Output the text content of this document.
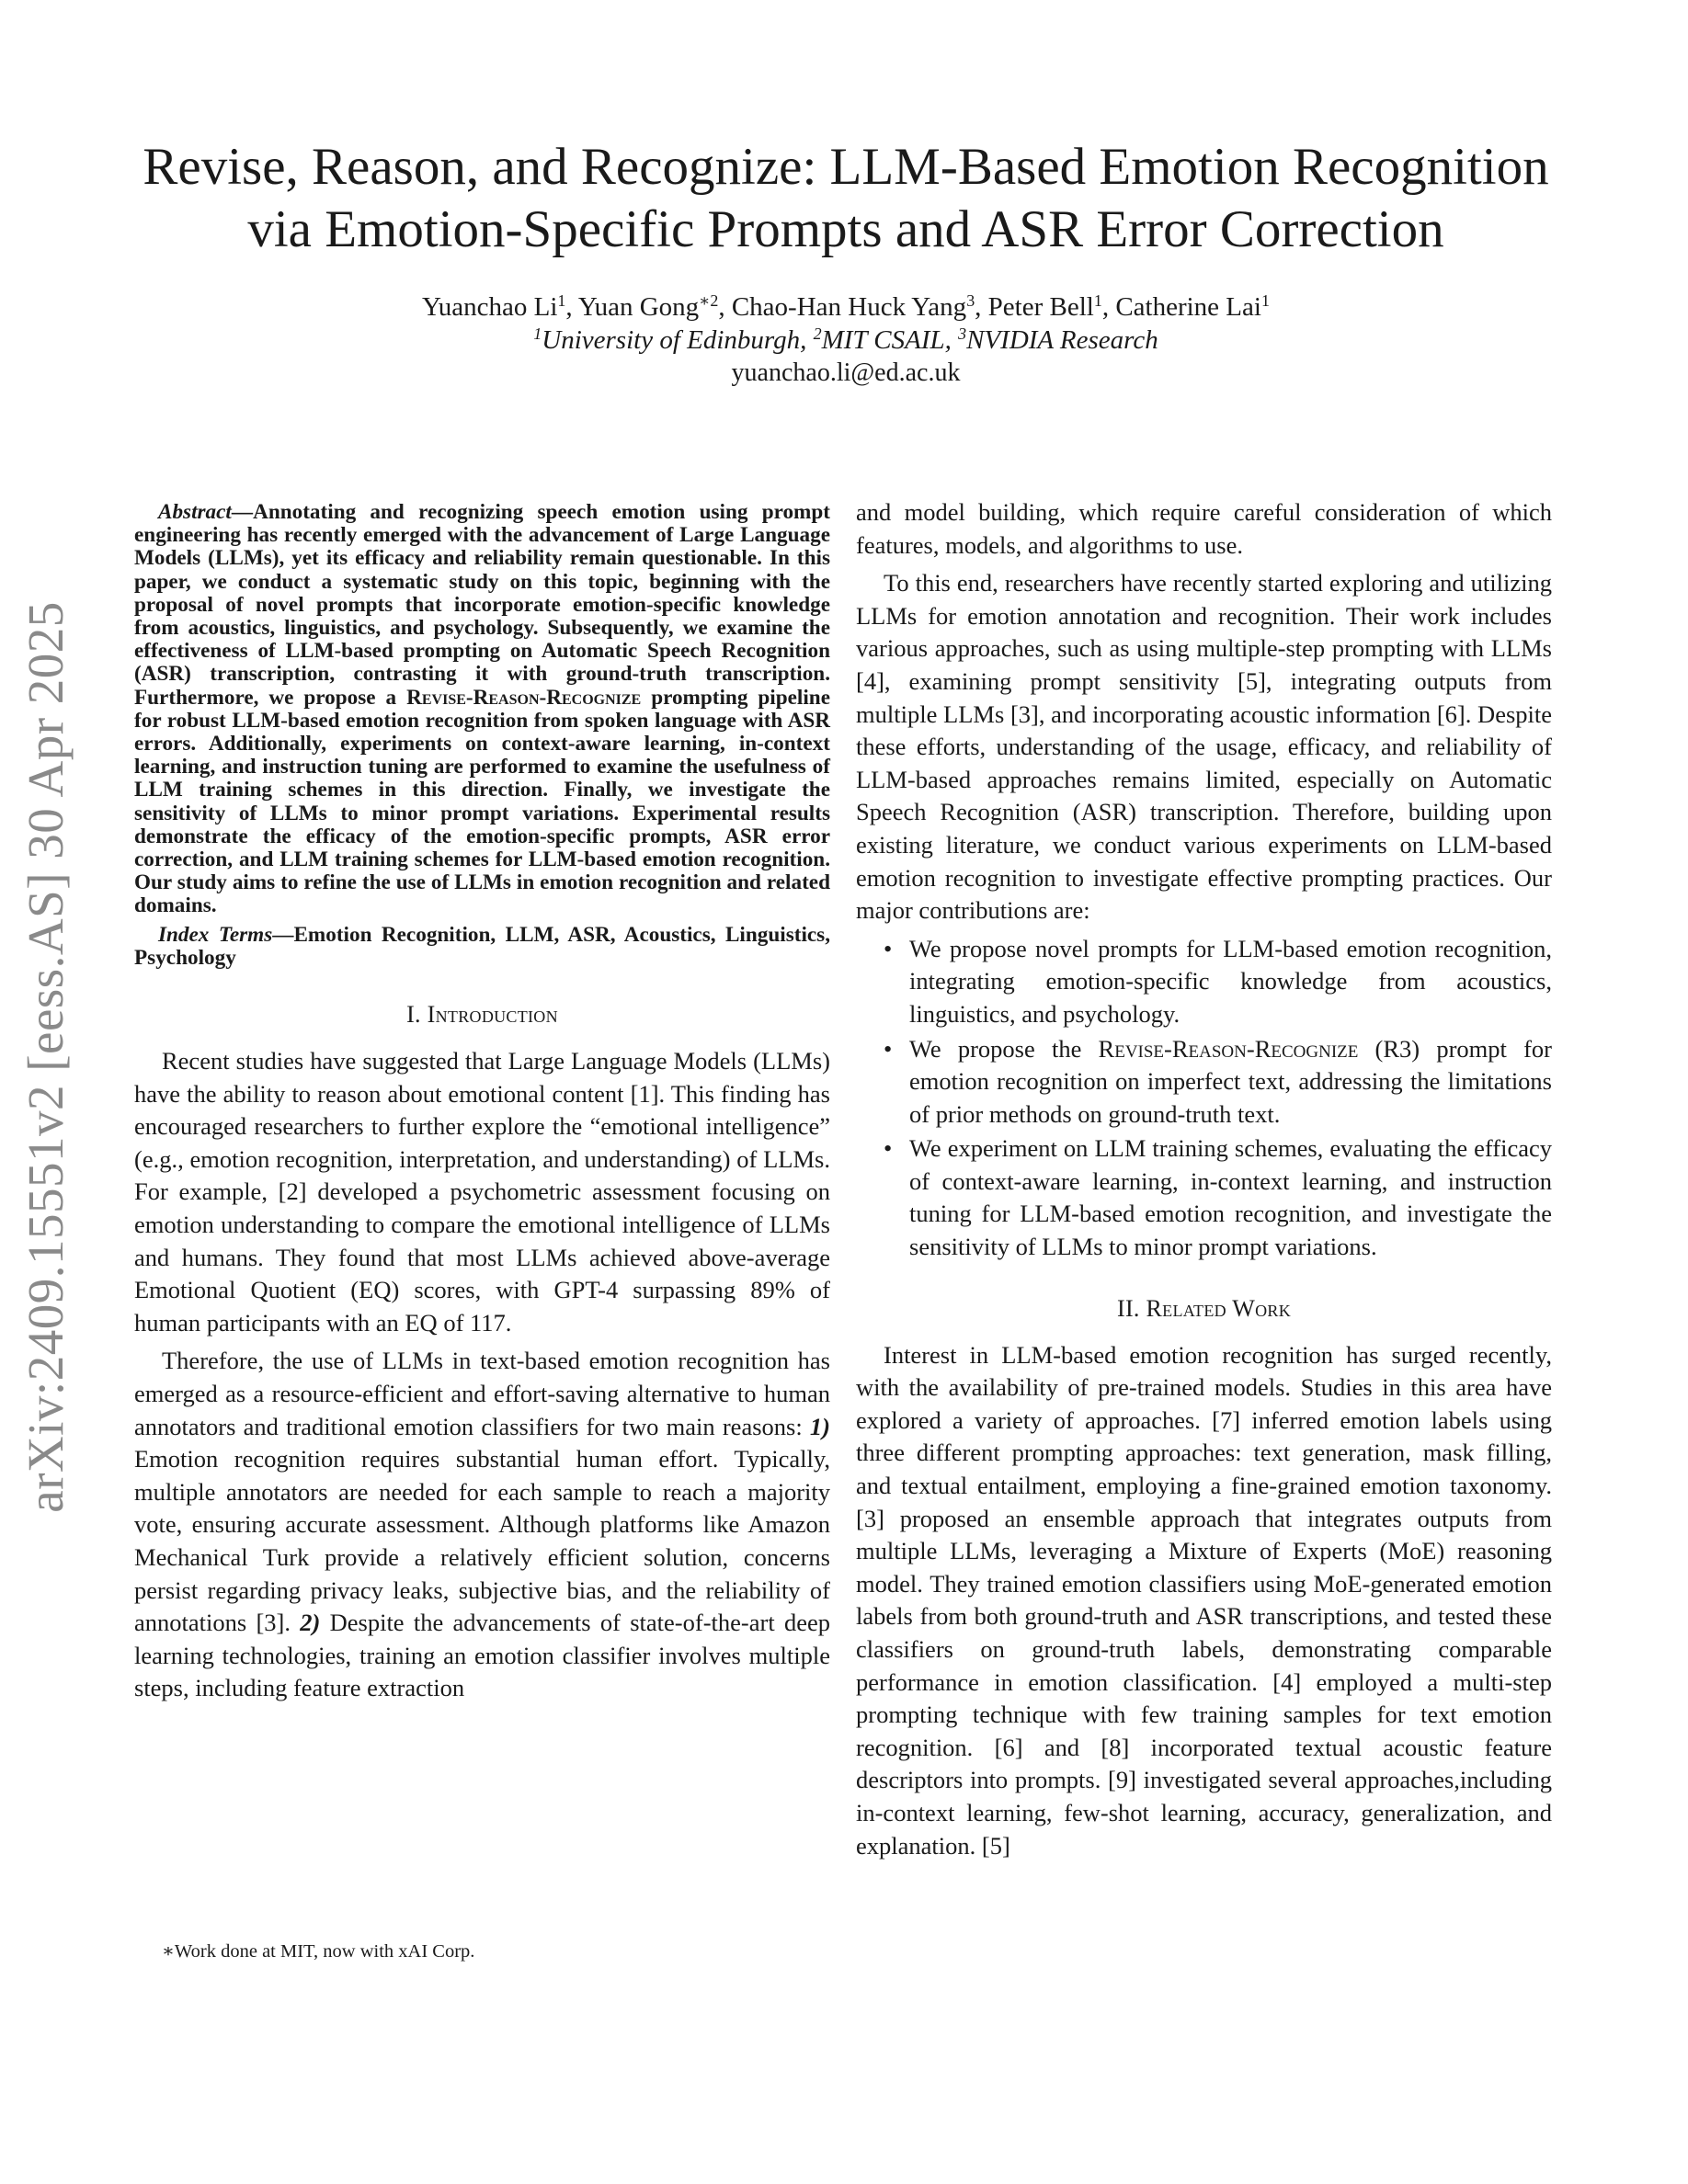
arXiv:2409.15551v2 [eess.AS] 30 Apr 2025
Revise, Reason, and Recognize: LLM-Based Emotion Recognition
via Emotion-Specific Prompts and ASR Error Correction
Yuanchao Li$^1$, Yuan Gong$^{∗2}$, Chao-Han Huck Yang$^3$, Peter Bell$^1$, Catherine Lai$^1$
$^1$University of Edinburgh, $^2$MIT CSAIL, $^3$NVIDIA Research
yuanchao.li@ed.ac.uk

Abstract—Annotating and recognizing speech emotion using prompt engineering has recently emerged with the advancement of Large Language Models (LLMs), yet its efficacy and reliability remain questionable. In this paper, we conduct a systematic study on this topic, beginning with the proposal of novel prompts that incorporate emotion-specific knowledge from acoustics, linguistics, and psychology. Subsequently, we examine the effectiveness of LLM-based prompting on Automatic Speech Recognition (ASR) transcription, contrasting it with ground-truth transcription. Furthermore, we propose a Revise-Reason-Recognize prompting pipeline for robust LLM-based emotion recognition from spoken language with ASR errors. Additionally, experiments on context-aware learning, in-context learning, and instruction tuning are performed to examine the usefulness of LLM training schemes in this direction. Finally, we investigate the sensitivity of LLMs to minor prompt variations. Experimental results demonstrate the efficacy of the emotion-specific prompts, ASR error correction, and LLM training schemes for LLM-based emotion recognition. Our study aims to refine the use of LLMs in emotion recognition and related domains.

Index Terms—Emotion Recognition, LLM, ASR, Acoustics, Linguistics, Psychology

I. Introduction

Recent studies have suggested that Large Language Models (LLMs) have the ability to reason about emotional content [1]. This finding has encouraged researchers to further explore the “emotional intelligence” (e.g., emotion recognition, interpretation, and understanding) of LLMs. For example, [2] developed a psychometric assessment focusing on emotion understanding to compare the emotional intelligence of LLMs and humans. They found that most LLMs achieved above-average Emotional Quotient (EQ) scores, with GPT-4 surpassing 89% of human participants with an EQ of 117.

Therefore, the use of LLMs in text-based emotion recognition has emerged as a resource-efficient and effort-saving alternative to human annotators and traditional emotion classifiers for two main reasons: 1) Emotion recognition requires substantial human effort. Typically, multiple annotators are needed for each sample to reach a majority vote, ensuring accurate assessment. Although platforms like Amazon Mechanical Turk provide a relatively efficient solution, concerns persist regarding privacy leaks, subjective bias, and the reliability of annotations [3]. 2) Despite the advancements of state-of-the-art deep learning technologies, training an emotion classifier involves multiple steps, including feature extraction

∗Work done at MIT, now with xAI Corp.

and model building, which require careful consideration of which features, models, and algorithms to use.

To this end, researchers have recently started exploring and utilizing LLMs for emotion annotation and recognition. Their work includes various approaches, such as using multiple-step prompting with LLMs [4], examining prompt sensitivity [5], integrating outputs from multiple LLMs [3], and incorporating acoustic information [6]. Despite these efforts, understanding of the usage, efficacy, and reliability of LLM-based approaches remains limited, especially on Automatic Speech Recognition (ASR) transcription. Therefore, building upon existing literature, we conduct various experiments on LLM-based emotion recognition to investigate effective prompting practices. Our major contributions are:

• We propose novel prompts for LLM-based emotion recognition, integrating emotion-specific knowledge from acoustics, linguistics, and psychology.
• We propose the Revise-Reason-Recognize (R3) prompt for emotion recognition on imperfect text, addressing the limitations of prior methods on ground-truth text.
• We experiment on LLM training schemes, evaluating the efficacy of context-aware learning, in-context learning, and instruction tuning for LLM-based emotion recognition, and investigate the sensitivity of LLMs to minor prompt variations.
II. Related Work

Interest in LLM-based emotion recognition has surged recently, with the availability of pre-trained models. Studies in this area have explored a variety of approaches. [7] inferred emotion labels using three different prompting approaches: text generation, mask filling, and textual entailment, employing a fine-grained emotion taxonomy. [3] proposed an ensemble approach that integrates outputs from multiple LLMs, leveraging a Mixture of Experts (MoE) reasoning model. They trained emotion classifiers using MoE-generated emotion labels from both ground-truth and ASR transcriptions, and tested these classifiers on ground-truth labels, demonstrating comparable performance in emotion classification. [4] employed a multi-step prompting technique with few training samples for text emotion recognition. [6] and [8] incorporated textual acoustic feature descriptors into prompts. [9] investigated several approaches,including in-context learning, few-shot learning, accuracy, generalization, and explanation. [5]
